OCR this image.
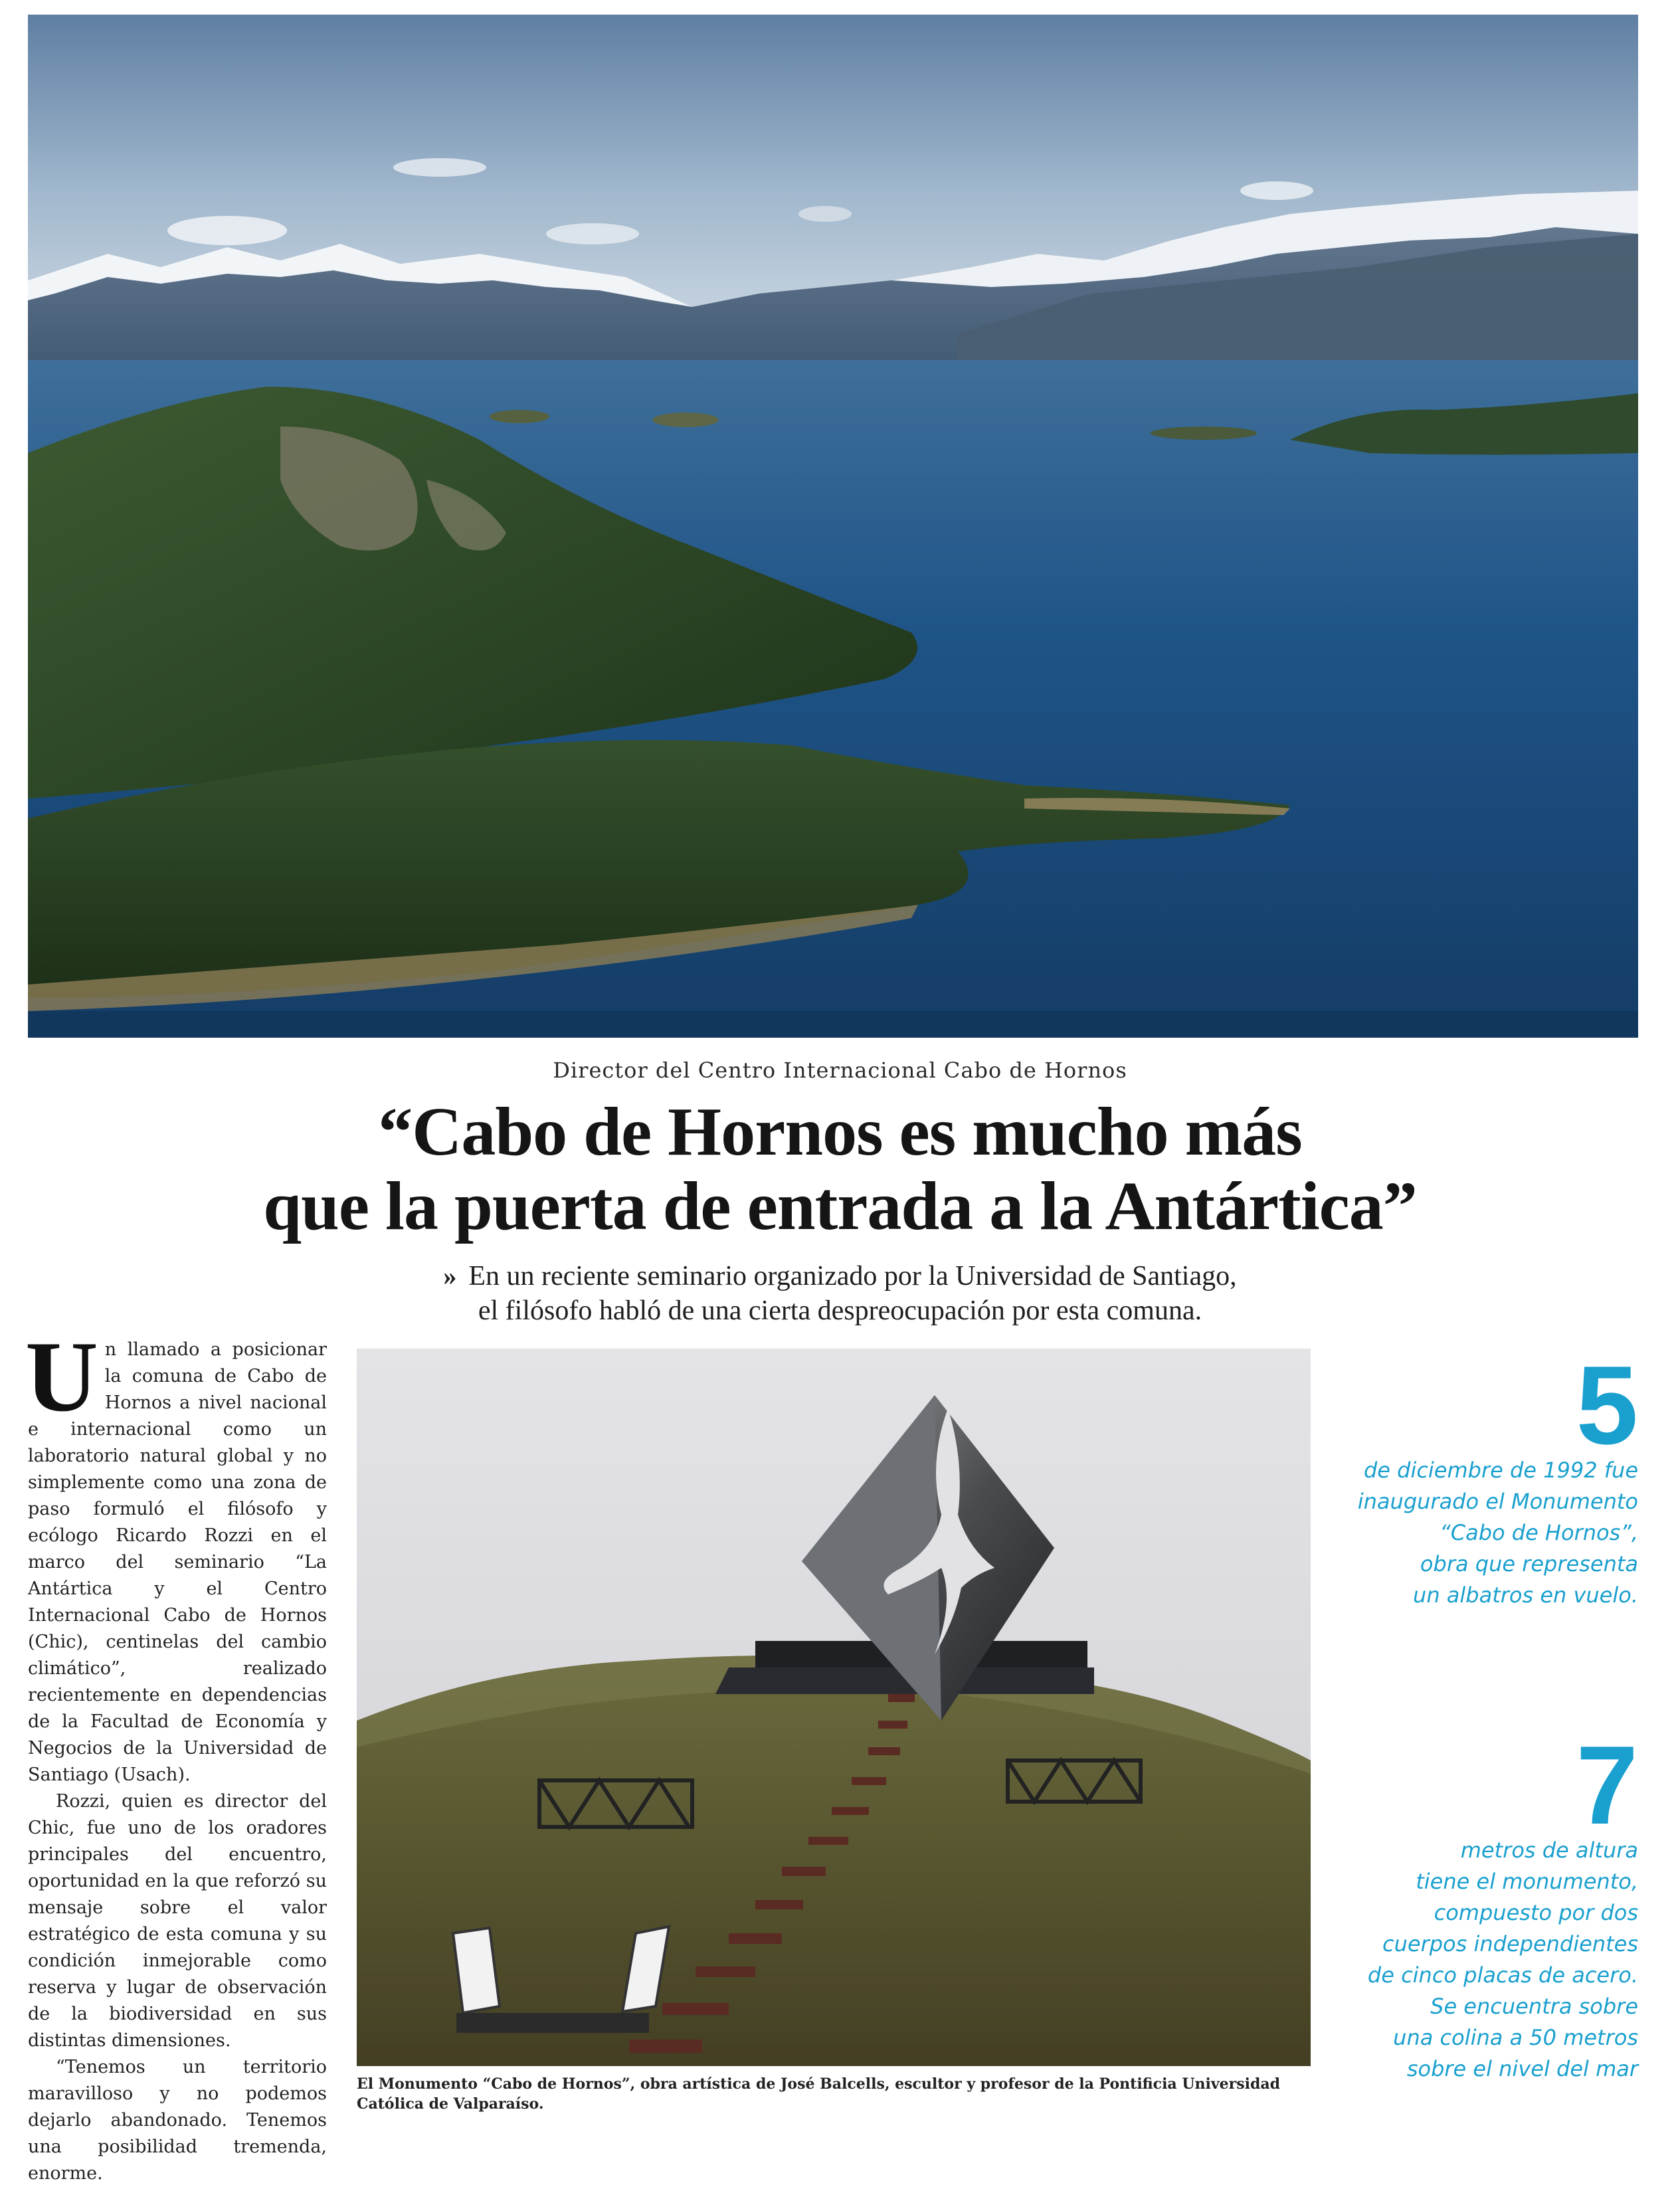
Director del Centro Internacional Cabo de Hornos
“Cabo de Hornos es mucho más
que la puerta de entrada a la Antártica”
» En un reciente seminario organizado por la Universidad de Santiago,
el filósofo habló de una cierta despreocupación por esta comuna.

Un llamado a posicionar la comuna de Cabo de Hornos a nivel nacional e internacional como un laboratorio natural global y no simplemente como una zona de paso formuló el filósofo y ecólogo Ricardo Rozzi en el marco del seminario “La Antártica y el Centro Internacional Cabo de Hornos (Chic), centinelas del cambio climático”, realizado recientemente en dependencias de la Facultad de Economía y Negocios de la Universidad de Santiago (Usach).

Rozzi, quien es director del Chic, fue uno de los oradores principales del encuentro, oportunidad en la que reforzó su mensaje sobre el valor estratégico de esta comuna y su condición inmejorable como reserva y lugar de observación de la biodiversidad en sus distintas dimensiones.

“Tenemos un territorio maravilloso y no podemos dejarlo abandonado. Tenemos una posibilidad tremenda, enorme.

El Monumento “Cabo de Hornos”, obra artística de José Balcells, escultor y profesor de la Pontificia Universidad Católica de Valparaíso.
5
de diciembre de 1992 fue
inaugurado el Monumento
“Cabo de Hornos”,
obra que representa
un albatros en vuelo.
7
metros de altura
tiene el monumento,
compuesto por dos
cuerpos independientes
de cinco placas de acero.
Se encuentra sobre
una colina a 50 metros
sobre el nivel del mar
